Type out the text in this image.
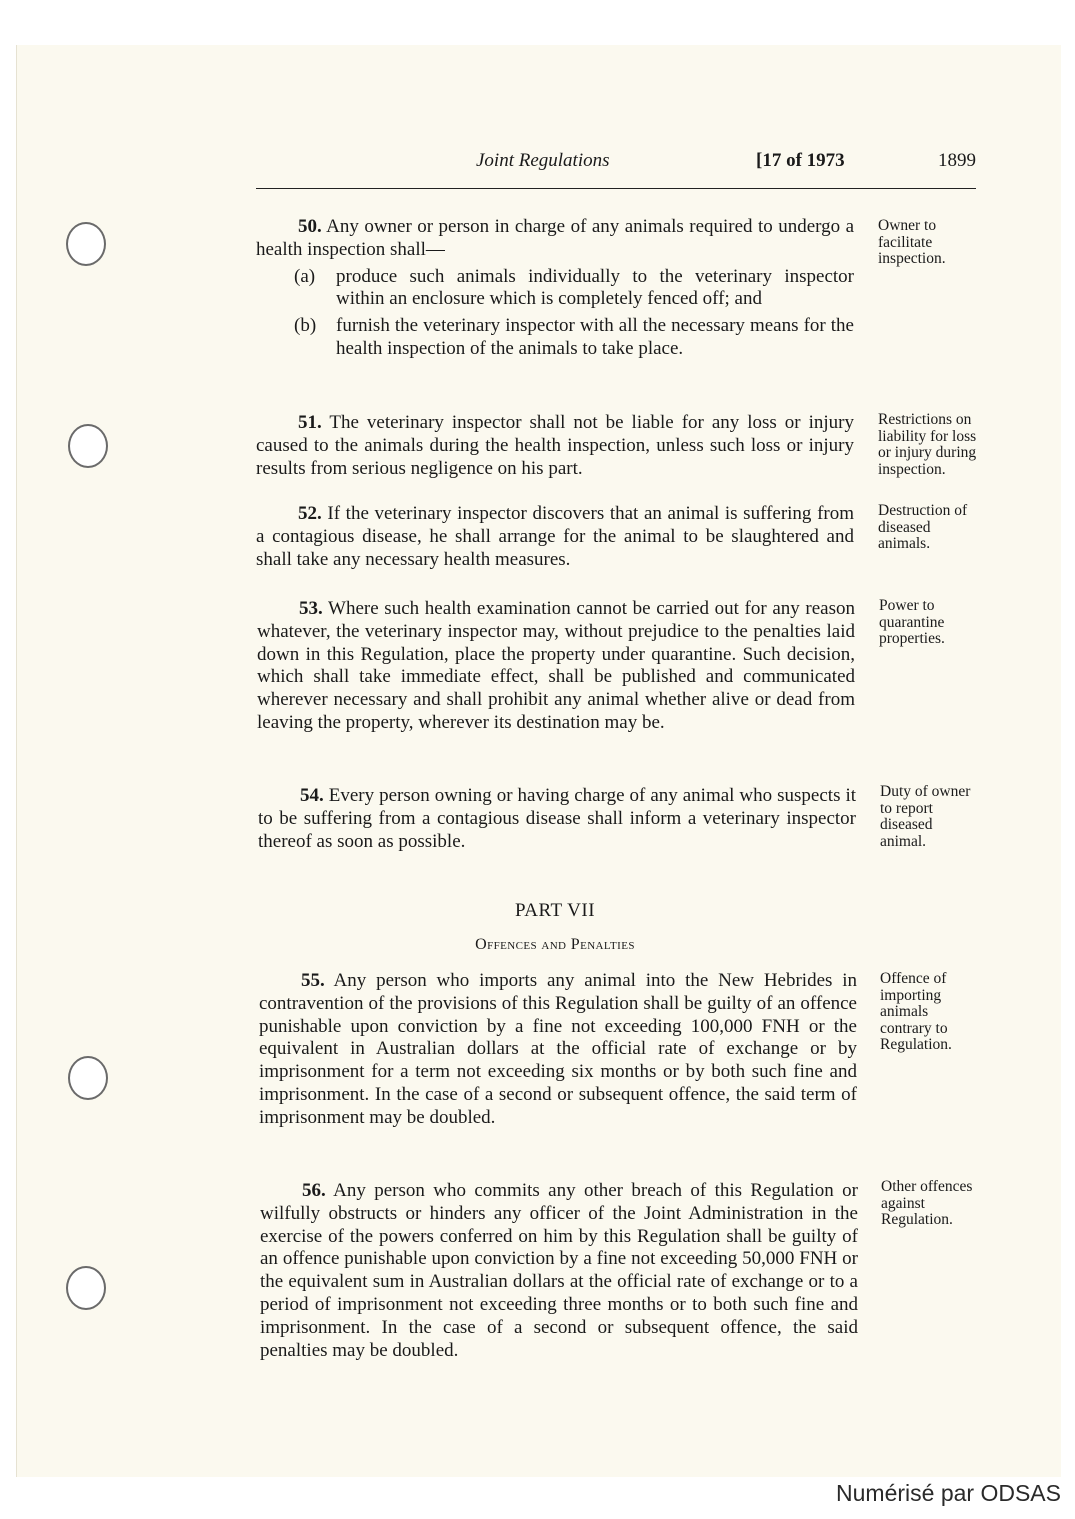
Joint Regulations	[17 of 1973	1899

50. Any owner or person in charge of any animals required to undergo a health inspection shall—

(a) produce such animals individually to the veterinary inspector within an enclosure which is completely fenced off; and
(b) furnish the veterinary inspector with all the necessary means for the health inspection of the animals to take place.
Owner to facilitate inspection.

51. The veterinary inspector shall not be liable for any loss or injury caused to the animals during the health inspection, unless such loss or injury results from serious negligence on his part.

Restrictions on liability for loss or injury during inspection.

52. If the veterinary inspector discovers that an animal is suffering from a contagious disease, he shall arrange for the animal to be slaughtered and shall take any necessary health measures.

Destruction of diseased animals.

53. Where such health examination cannot be carried out for any reason whatever, the veterinary inspector may, without prejudice to the penalties laid down in this Regulation, place the property under quarantine. Such decision, which shall take immediate effect, shall be published and communicated wherever necessary and shall prohibit any animal whether alive or dead from leaving the property, wherever its destination may be.

Power to quarantine properties.

54. Every person owning or having charge of any animal who suspects it to be suffering from a contagious disease shall inform a veterinary inspector thereof as soon as possible.

Duty of owner to report diseased animal.
PART VII
Offences and Penalties

55. Any person who imports any animal into the New Hebrides in contravention of the provisions of this Regulation shall be guilty of an offence punishable upon conviction by a fine not exceeding 100,000 FNH or the equivalent in Australian dollars at the official rate of exchange or by imprisonment for a term not exceeding six months or by both such fine and imprisonment. In the case of a second or subsequent offence, the said term of imprisonment may be doubled.

Offence of importing animals contrary to Regulation.

56. Any person who commits any other breach of this Regulation or wilfully obstructs or hinders any officer of the Joint Administration in the exercise of the powers conferred on him by this Regulation shall be guilty of an offence punishable upon conviction by a fine not exceeding 50,000 FNH or the equivalent sum in Australian dollars at the official rate of exchange or to a period of imprisonment not exceeding three months or to both such fine and imprisonment. In the case of a second or subsequent offence, the said penalties may be doubled.

Other offences against Regulation.
Numérisé par ODSAS
